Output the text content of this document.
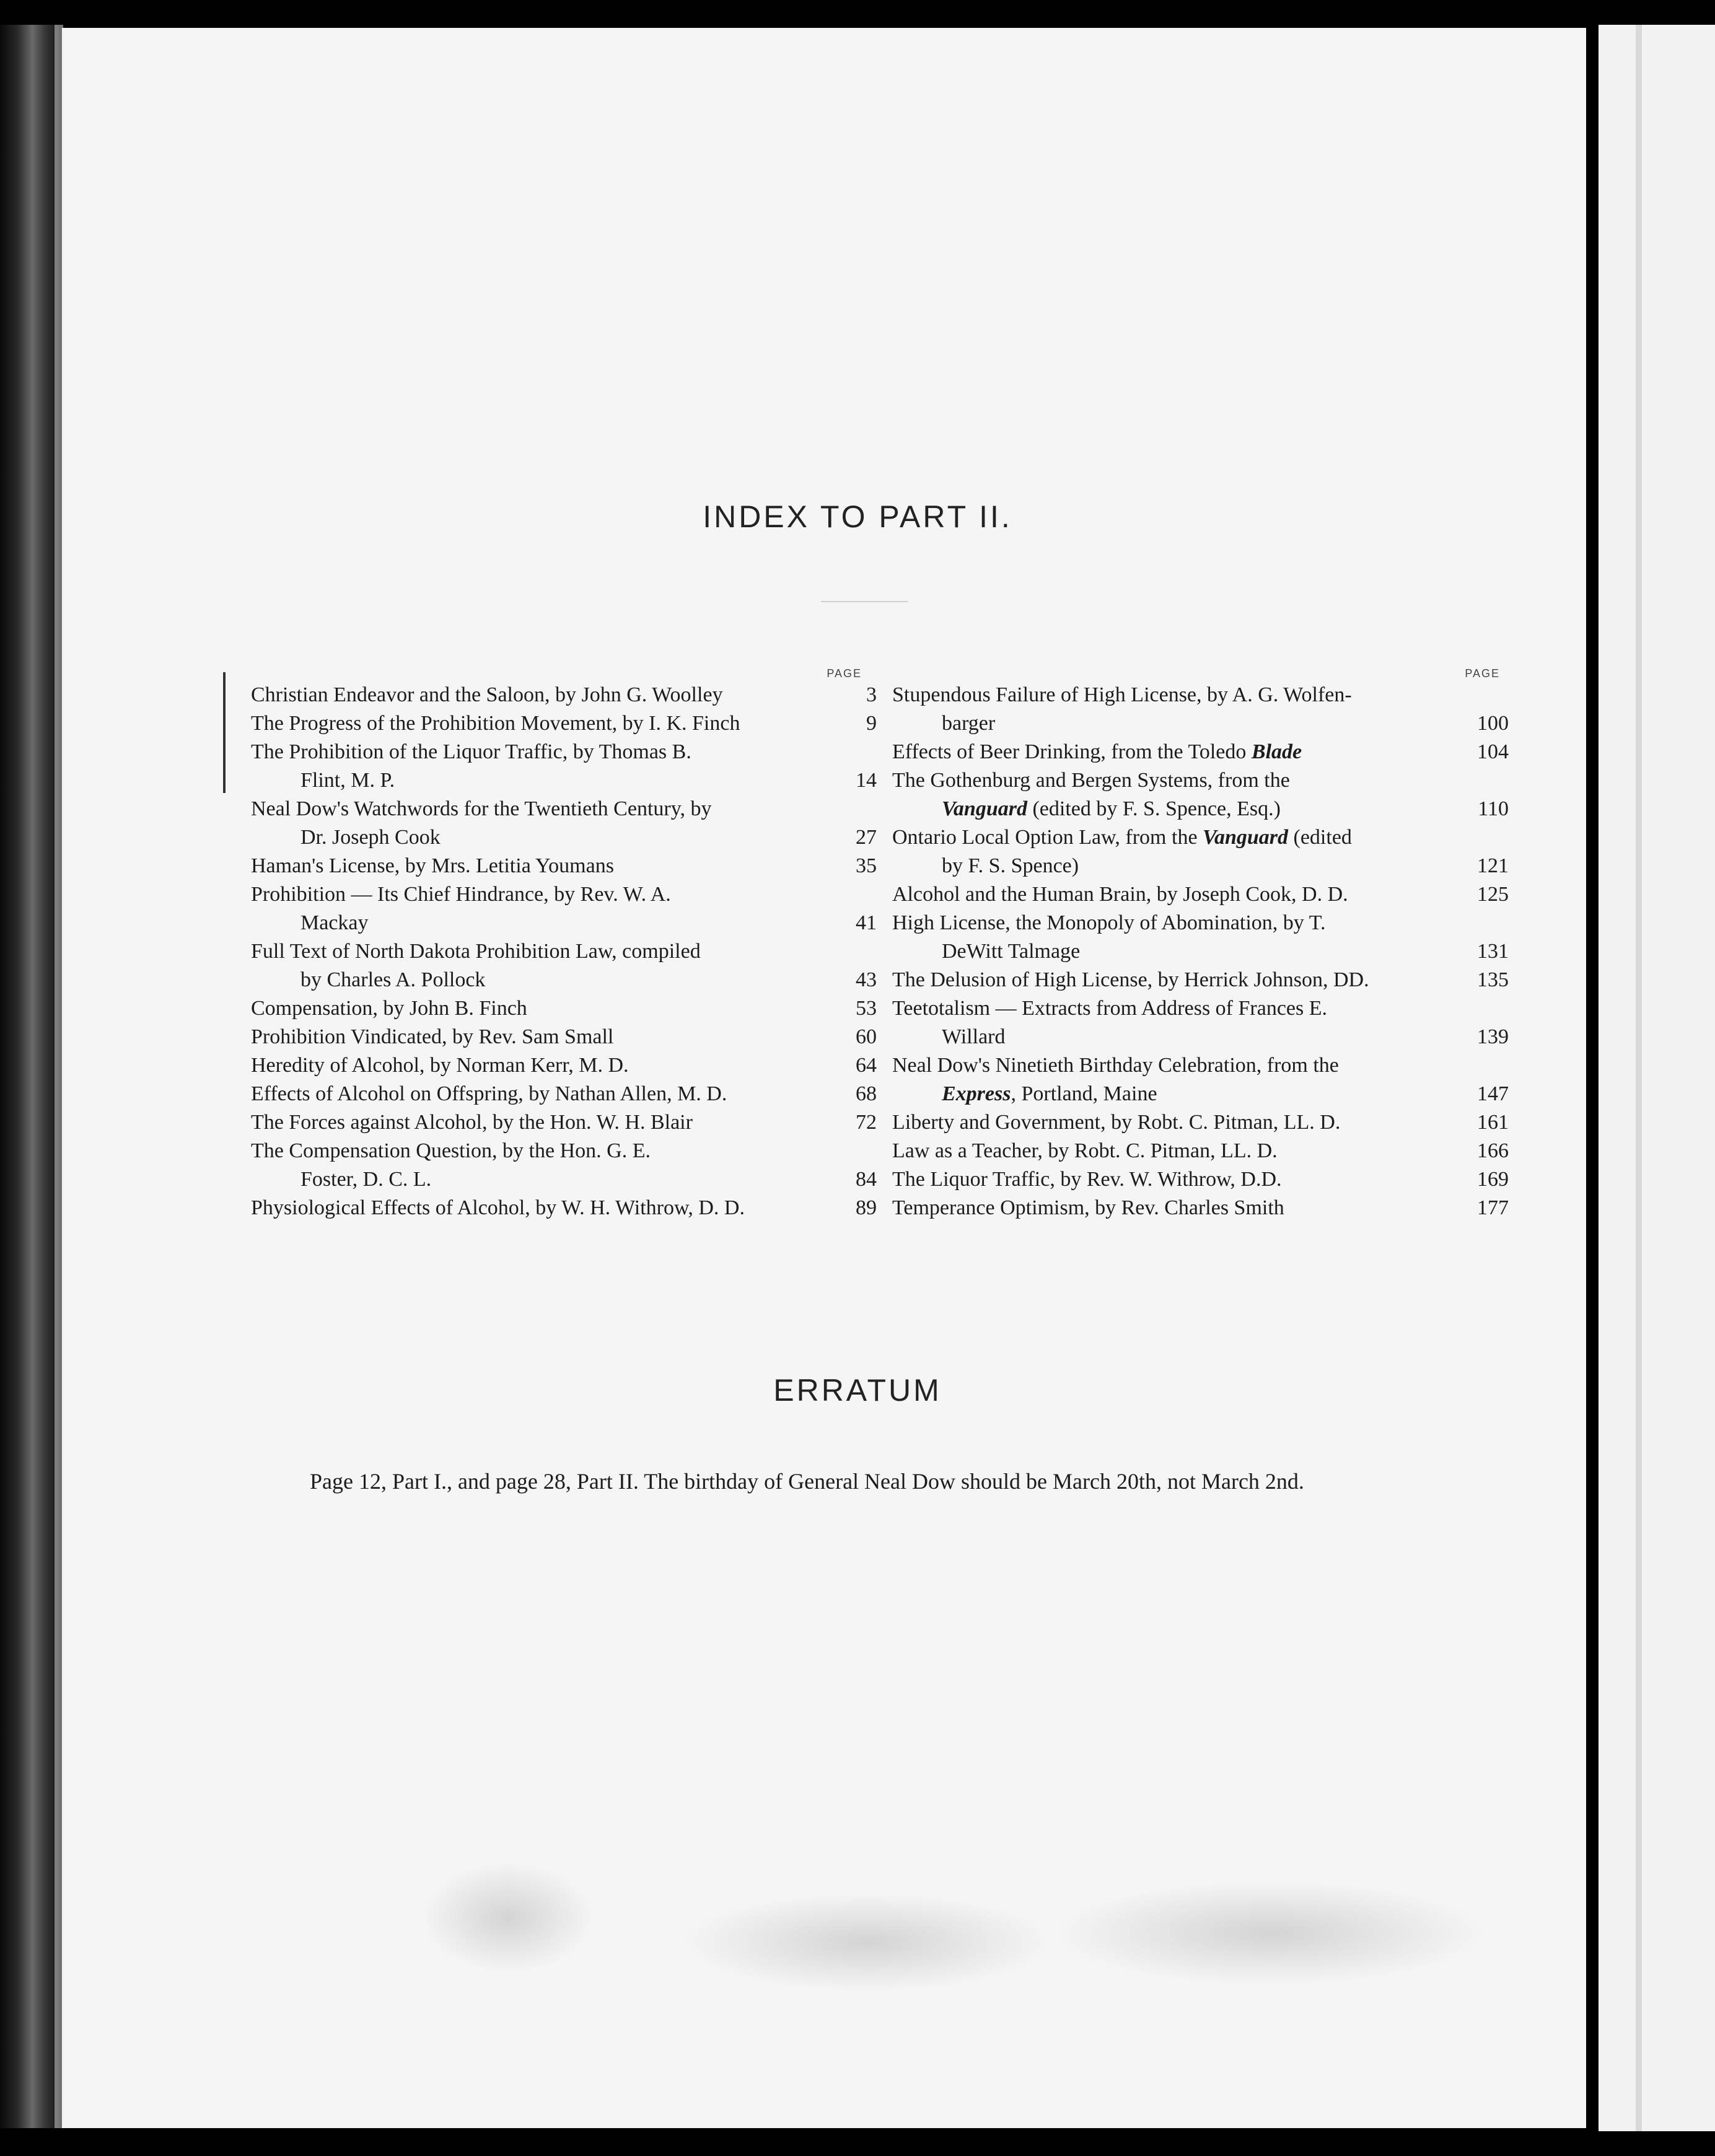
INDEX TO PART II.
PAGE
Christian Endeavor and the Saloon, by John G. Woolley	3
The Progress of the Prohibition Movement, by I. K. Finch	9
The Prohibition of the Liquor Traffic, by Thomas B.
Flint, M. P.	14
Neal Dow's Watchwords for the Twentieth Century, by
Dr. Joseph Cook	27
Haman's License, by Mrs. Letitia Youmans	35
Prohibition — Its Chief Hindrance, by Rev. W. A.
Mackay	41
Full Text of North Dakota Prohibition Law, compiled
by Charles A. Pollock	43
Compensation, by John B. Finch	53
Prohibition Vindicated, by Rev. Sam Small	60
Heredity of Alcohol, by Norman Kerr, M. D.	64
Effects of Alcohol on Offspring, by Nathan Allen, M. D.	68
The Forces against Alcohol, by the Hon. W. H. Blair	72
The Compensation Question, by the Hon. G. E.
Foster, D. C. L.	84
Physiological Effects of Alcohol, by W. H. Withrow, D. D.	89
PAGE
Stupendous Failure of High License, by A. G. Wolfen-
barger	100
Effects of Beer Drinking, from the Toledo Blade	104
The Gothenburg and Bergen Systems, from the
Vanguard (edited by F. S. Spence, Esq.)	110
Ontario Local Option Law, from the Vanguard (edited
by F. S. Spence)	121
Alcohol and the Human Brain, by Joseph Cook, D. D.	125
High License, the Monopoly of Abomination, by T.
DeWitt Talmage	131
The Delusion of High License, by Herrick Johnson, DD.	135
Teetotalism — Extracts from Address of Frances E.
Willard	139
Neal Dow's Ninetieth Birthday Celebration, from the
Express, Portland, Maine	147
Liberty and Government, by Robt. C. Pitman, LL. D.	161
Law as a Teacher, by Robt. C. Pitman, LL. D.	166
The Liquor Traffic, by Rev. W. Withrow, D.D.	169
Temperance Optimism, by Rev. Charles Smith	177
ERRATUM
Page 12, Part I., and page 28, Part II. The birthday of General Neal Dow should be March 20th, not March 2nd.
